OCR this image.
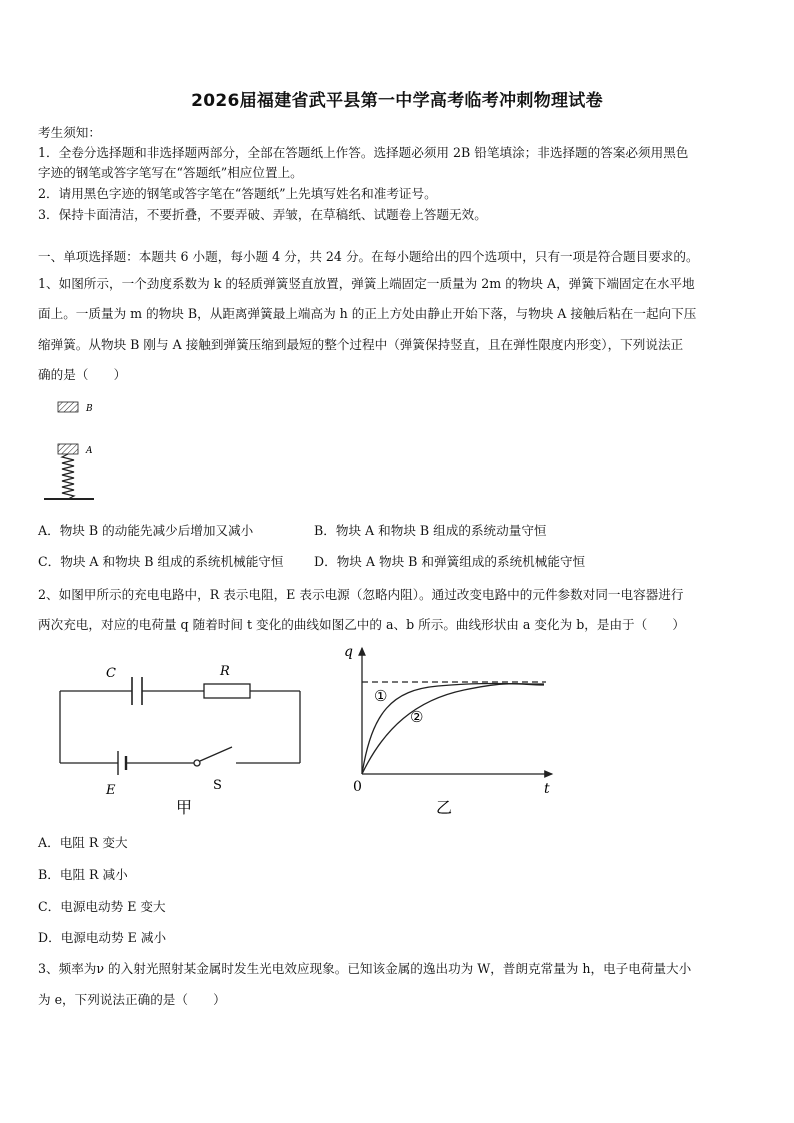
2026届福建省武平县第一中学高考临考冲刺物理试卷
考生须知：
1．全卷分选择题和非选择题两部分，全部在答题纸上作答。选择题必须用 2B 铅笔填涂；非选择题的答案必须用黑色
字迹的钢笔或答字笔写在“答题纸”相应位置上。
2．请用黑色字迹的钢笔或答字笔在“答题纸”上先填写姓名和准考证号。
3．保持卡面清洁，不要折叠，不要弄破、弄皱，在草稿纸、试题卷上答题无效。
一、单项选择题：本题共 6 小题，每小题 4 分，共 24 分。在每小题给出的四个选项中，只有一项是符合题目要求的。
1、如图所示，一个劲度系数为 k 的轻质弹簧竖直放置，弹簧上端固定一质量为 2m 的物块 A，弹簧下端固定在水平地
面上。一质量为 m 的物块 B，从距离弹簧最上端高为 h 的正上方处由静止开始下落，与物块 A 接触后粘在一起向下压
缩弹簧。从物块 B 刚与 A 接触到弹簧压缩到最短的整个过程中（弹簧保持竖直，且在弹性限度内形变），下列说法正
确的是（　　）
B
A
A．物块 B 的动能先减少后增加又减小	B．物块 A 和物块 B 组成的系统动量守恒
C．物块 A 和物块 B 组成的系统机械能守恒 D．物块 A 物块 B 和弹簧组成的系统机械能守恒
2、如图甲所示的充电电路中，R 表示电阻，E 表示电源（忽略内阻）。通过改变电路中的元件参数对同一电容器进行
两次充电，对应的电荷量 q 随着时间 t 变化的曲线如图乙中的 a、b 所示。曲线形状由 a 变化为 b，是由于（　　）
C	R
E	S
甲
q
t
0
①
②
乙
A．电阻 R 变大
B．电阻 R 减小
C．电源电动势 E 变大
D．电源电动势 E 减小
3、频率为ν 的入射光照射某金属时发生光电效应现象。已知该金属的逸出功为 W，普朗克常量为 h，电子电荷量大小
为 e，下列说法正确的是（　　）
